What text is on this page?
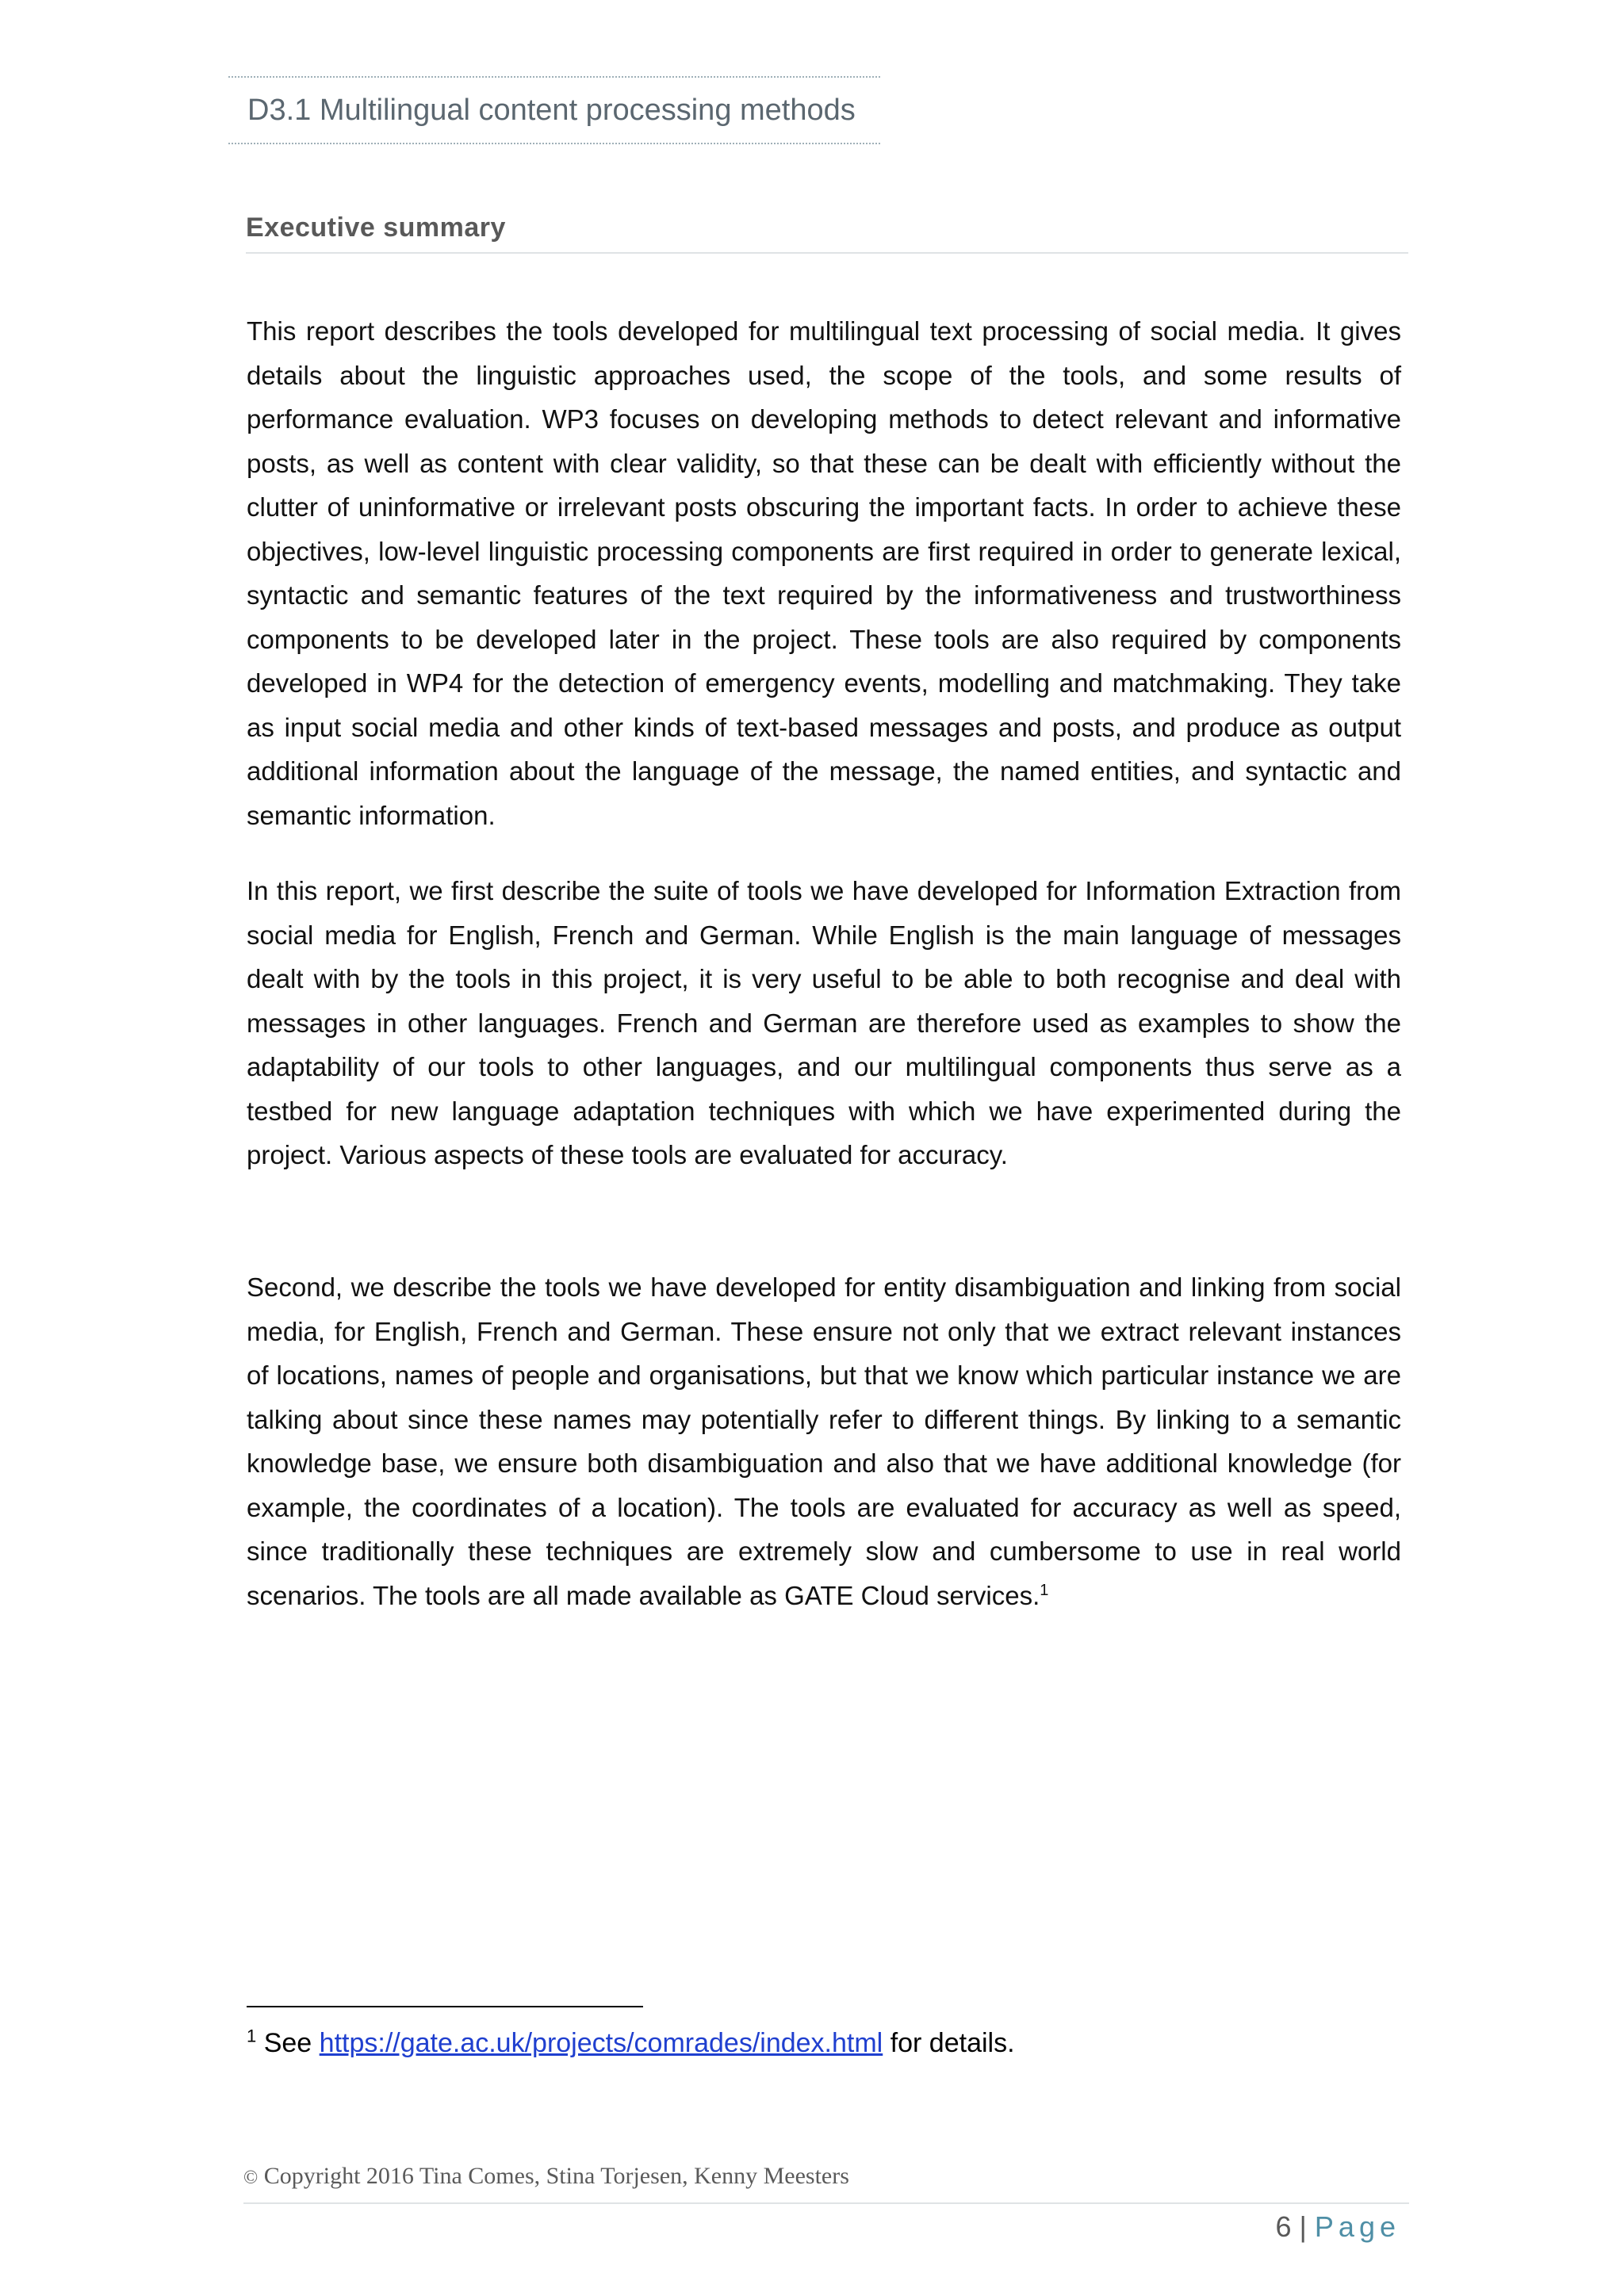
D3.1 Multilingual content processing methods
Executive summary

This report describes the tools developed for multilingual text processing of social media. It gives details about the linguistic approaches used, the scope of the tools, and some results of performance evaluation. WP3 focuses on developing methods to detect relevant and informative posts, as well as content with clear validity, so that these can be dealt with efficiently without the clutter of uninformative or irrelevant posts obscuring the important facts. In order to achieve these objectives, low-level linguistic processing components are first required in order to generate lexical, syntactic and semantic features of the text required by the informativeness and trustworthiness components to be developed later in the project. These tools are also required by components developed in WP4 for the detection of emergency events, modelling and matchmaking. They take as input social media and other kinds of text-based messages and posts, and produce as output additional information about the language of the message, the named entities, and syntactic and semantic information.

In this report, we first describe the suite of tools we have developed for Information Extraction from social media for English, French and German. While English is the main language of messages dealt with by the tools in this project, it is very useful to be able to both recognise and deal with messages in other languages. French and German are therefore used as examples to show the adaptability of our tools to other languages, and our multilingual components thus serve as a testbed for new language adaptation techniques with which we have experimented during the project. Various aspects of these tools are evaluated for accuracy.

Second, we describe the tools we have developed for entity disambiguation and linking from social media, for English, French and German. These ensure not only that we extract relevant instances of locations, names of people and organisations, but that we know which particular instance we are talking about since these names may potentially refer to different things. By linking to a semantic knowledge base, we ensure both disambiguation and also that we have additional knowledge (for example, the coordinates of a location). The tools are evaluated for accuracy as well as speed, since traditionally these techniques are extremely slow and cumbersome to use in real world scenarios. The tools are all made available as GATE Cloud services.$^1$

$^1$ See https://gate.ac.uk/projects/comrades/index.html for details.
© Copyright 2016 Tina Comes, Stina Torjesen, Kenny Meesters
6 | Page
